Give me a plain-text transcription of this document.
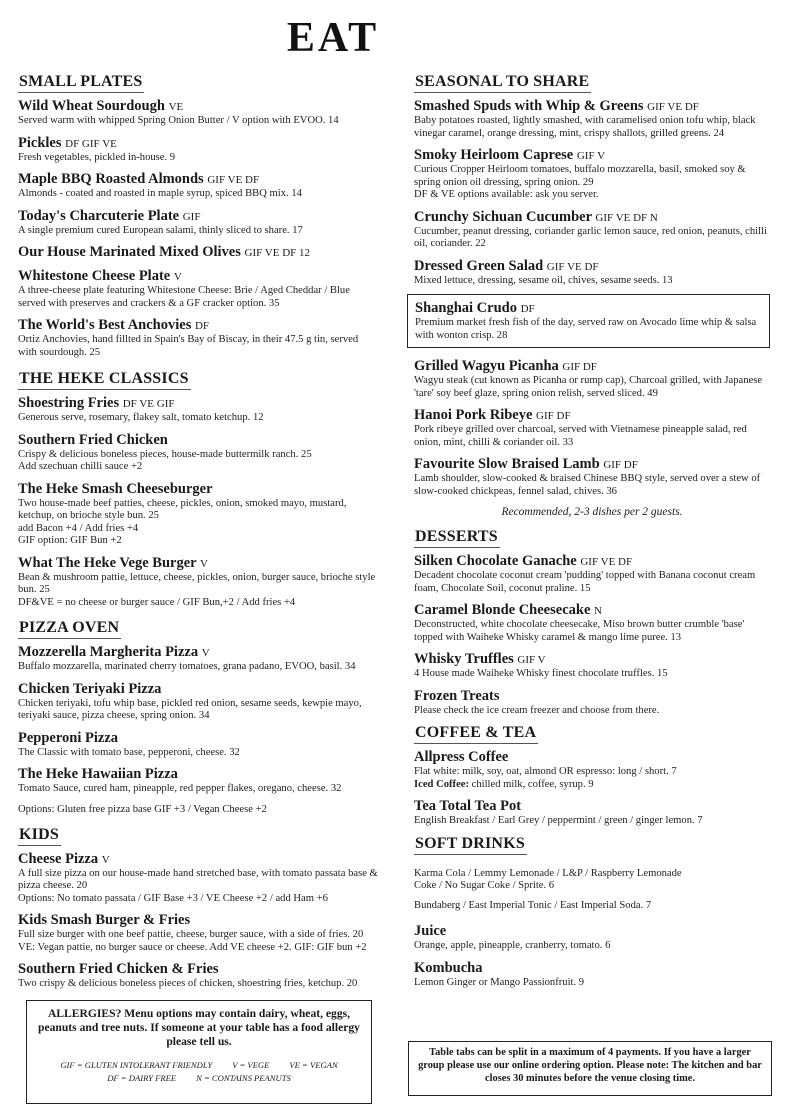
EAT
SMALL PLATES
Wild Wheat Sourdough VE
Served warm with whipped Spring Onion Butter / V option with EVOO. 14
Pickles DF GIF VE
Fresh vegetables, pickled in-house. 9
Maple BBQ Roasted Almonds GIF VE DF
Almonds - coated and roasted in maple syrup, spiced BBQ mix. 14
Today's Charcuterie Plate GIF
A single premium cured European salami, thinly sliced to share. 17
Our House Marinated Mixed Olives GIF VE DF 12
Whitestone Cheese Plate V
A three-cheese plate featuring Whitestone Cheese: Brie / Aged Cheddar / Blue served with preserves and crackers & a GF cracker option. 35
The World's Best Anchovies DF
Ortiz Anchovies, hand fillted in Spain's Bay of Biscay, in their 47.5 g tin, served with sourdough. 25
THE HEKE CLASSICS
Shoestring Fries DF VE GIF
Generous serve, rosemary, flakey salt, tomato ketchup. 12
Southern Fried Chicken
Crispy & delicious boneless pieces, house-made buttermilk ranch. 25
Add szechuan chilli sauce +2
The Heke Smash Cheeseburger
Two house-made beef patties, cheese, pickles, onion, smoked mayo, mustard, ketchup, on brioche style bun. 25
add Bacon +4 / Add fries +4
GIF option: GIF Bun +2
What The Heke Vege Burger V
Bean & mushroom pattie, lettuce, cheese, pickles, onion, burger sauce, brioche style bun. 25
DF&VE = no cheese or burger sauce / GIF Bun,+2 / Add fries +4
PIZZA OVEN
Mozzerella Margherita Pizza V
Buffalo mozzarella, marinated cherry tomatoes, grana padano, EVOO, basil. 34
Chicken Teriyaki Pizza
Chicken teriyaki, tofu whip base, pickled red onion, sesame seeds, kewpie mayo, teriyaki sauce, pizza cheese, spring onion. 34
Pepperoni Pizza
The Classic with tomato base, pepperoni, cheese. 32
The Heke Hawaiian Pizza
Tomato Sauce, cured ham, pineapple, red pepper flakes, oregano, cheese. 32
Options: Gluten free pizza base GIF +3 / Vegan Cheese +2
KIDS
Cheese Pizza V
A full size pizza on our house-made hand stretched base, with tomato passata base & pizza cheese. 20
Options: No tomato passata / GIF Base +3 / VE Cheese +2 / add Ham +6
Kids Smash Burger & Fries
Full size burger with one beef pattie, cheese, burger sauce, with a side of fries. 20
VE: Vegan pattie, no burger sauce or cheese. Add VE cheese +2. GIF: GIF bun +2
Southern Fried Chicken & Fries
Two crispy & delicious boneless pieces of chicken, shoestring fries, ketchup. 20
SEASONAL TO SHARE
Smashed Spuds with Whip & Greens GIF VE DF
Baby potatoes roasted, lightly smashed, with caramelised onion tofu whip, black vinegar caramel, orange dressing, mint, crispy shallots, grilled greens. 24
Smoky Heirloom Caprese GIF V
Curious Cropper Heirloom tomatoes, buffalo mozzarella, basil, smoked soy & spring onion oil dressing, spring onion. 29
DF & VE options available: ask you server.
Crunchy Sichuan Cucumber GIF VE DF N
Cucumber, peanut dressing, coriander garlic lemon sauce, red onion, peanuts, chilli oil, coriander. 22
Dressed Green Salad GIF VE DF
Mixed lettuce, dressing, sesame oil, chives, sesame seeds. 13
Shanghai Crudo DF
Premium market fresh fish of the day, served raw on Avocado lime whip & salsa with wonton crisp. 28
Grilled Wagyu Picanha GIF DF
Wagyu steak (cut known as Picanha or rump cap), Charcoal grilled, with Japanese 'tare' soy beef glaze, spring onion relish, served sliced. 49
Hanoi Pork Ribeye GIF DF
Pork ribeye grilled over charcoal, served with Vietnamese pineapple salad, red onion, mint, chilli & coriander oil. 33
Favourite Slow Braised Lamb GIF DF
Lamb shoulder, slow-cooked & braised Chinese BBQ style, served over a stew of slow-cooked chickpeas, fennel salad, chives. 36
Recommended, 2-3 dishes per 2 guests.
DESSERTS
Silken Chocolate Ganache GIF VE DF
Decadent chocolate coconut cream 'pudding' topped with Banana coconut cream foam, Chocolate Soil, coconut praline. 15
Caramel Blonde Cheesecake N
Deconstructed, white chocolate cheesecake, Miso brown butter crumble 'base' topped with Waiheke Whisky caramel & mango lime puree. 13
Whisky Truffles GIF V
4 House made Waiheke Whisky finest chocolate truffles. 15
Frozen Treats
Please check the ice cream freezer and choose from there.
COFFEE & TEA
Allpress Coffee
Flat white: milk, soy, oat, almond OR espresso: long / short. 7
Iced Coffee: chilled milk, coffee, syrup. 9
Tea Total Tea Pot
English Breakfast / Earl Grey / peppermint / green / ginger lemon. 7
SOFT DRINKS
Karma Cola / Lemmy Lemonade / L&P / Raspberry Lemonade
Coke / No Sugar Coke / Sprite. 6
Bundaberg / East Imperial Tonic / East Imperial Soda. 7
Juice
Orange, apple, pineapple, cranberry, tomato. 6
Kombucha
Lemon Ginger or Mango Passionfruit. 9
ALLERGIES? Menu options may contain dairy, wheat, eggs, peanuts and tree nuts. If someone at your table has a food allergy please tell us.
GIF = GLUTEN INTOLERANT FRIENDLY V = VEGE VE = VEGAN
DF = DAIRY FREE N = CONTAINS PEANUTS
Table tabs can be split in a maximum of 4 payments. If you have a larger group please use our online ordering option. Please note: The kitchen and bar closes 30 minutes before the venue closing time.
